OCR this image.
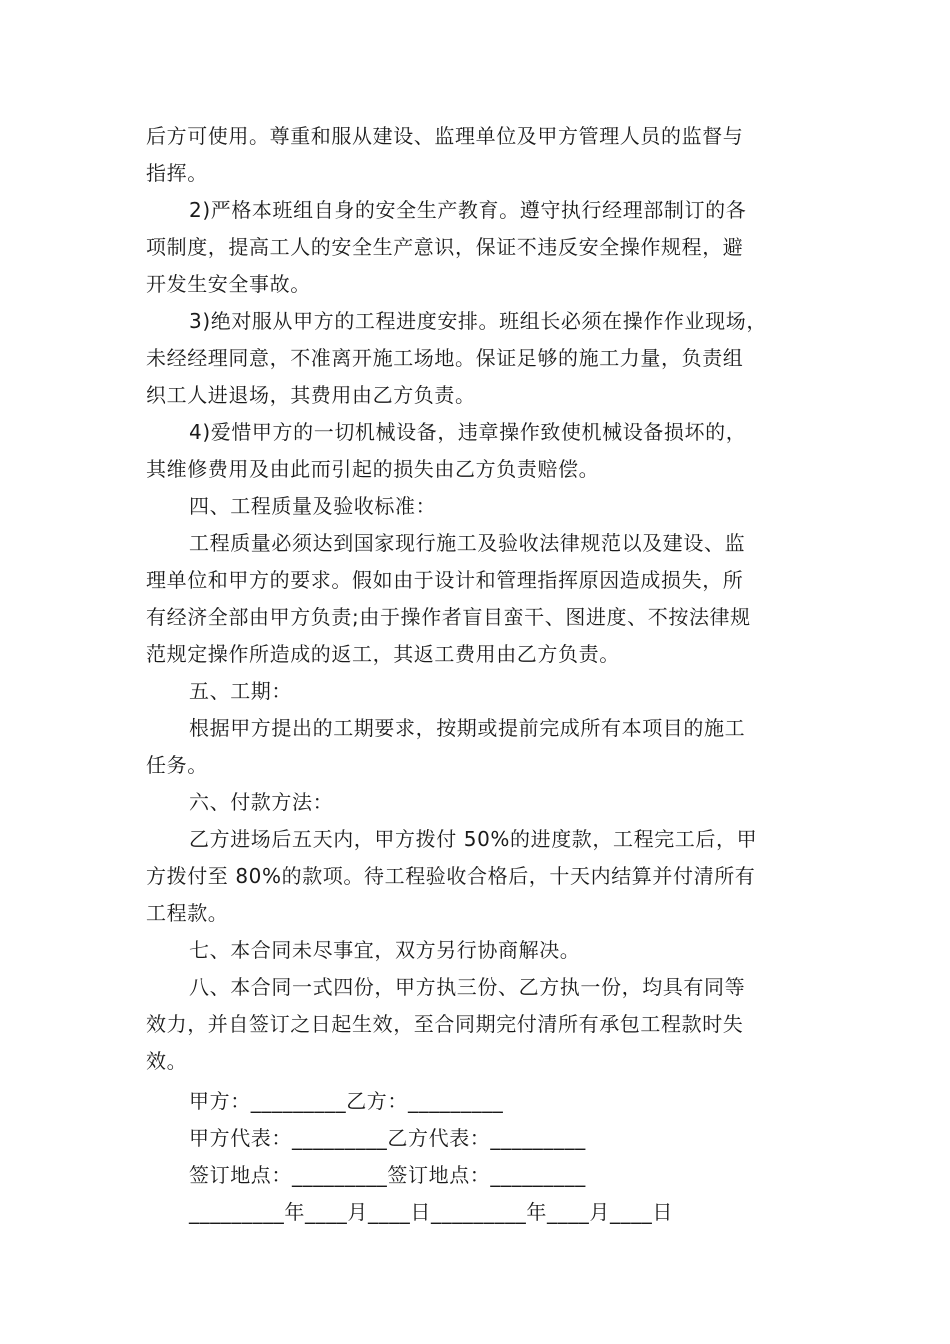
后方可使用。尊重和服从建设、监理单位及甲方管理人员的监督与
指挥。
2)严格本班组自身的安全生产教育。遵守执行经理部制订的各
项制度，提高工人的安全生产意识，保证不违反安全操作规程，避
开发生安全事故。
3)绝对服从甲方的工程进度安排。班组长必须在操作作业现场，
未经经理同意，不准离开施工场地。保证足够的施工力量，负责组
织工人进退场，其费用由乙方负责。
4)爱惜甲方的一切机械设备，违章操作致使机械设备损坏的，
其维修费用及由此而引起的损失由乙方负责赔偿。
四、工程质量及验收标准：
工程质量必须达到国家现行施工及验收法律规范以及建设、监
理单位和甲方的要求。假如由于设计和管理指挥原因造成损失，所
有经济全部由甲方负责;由于操作者盲目蛮干、图进度、不按法律规
范规定操作所造成的返工，其返工费用由乙方负责。
五、工期：
根据甲方提出的工期要求，按期或提前完成所有本项目的施工
任务。
六、付款方法：
乙方进场后五天内，甲方拨付 50%的进度款，工程完工后，甲
方拨付至 80%的款项。待工程验收合格后，十天内结算并付清所有
工程款。
七、本合同未尽事宜，双方另行协商解决。
八、本合同一式四份，甲方执三份、乙方执一份，均具有同等
效力，并自签订之日起生效，至合同期完付清所有承包工程款时失
效。
甲方：_________乙方：_________
甲方代表：_________乙方代表：_________
签订地点：_________签订地点：_________
_________年____月____日_________年____月____日
